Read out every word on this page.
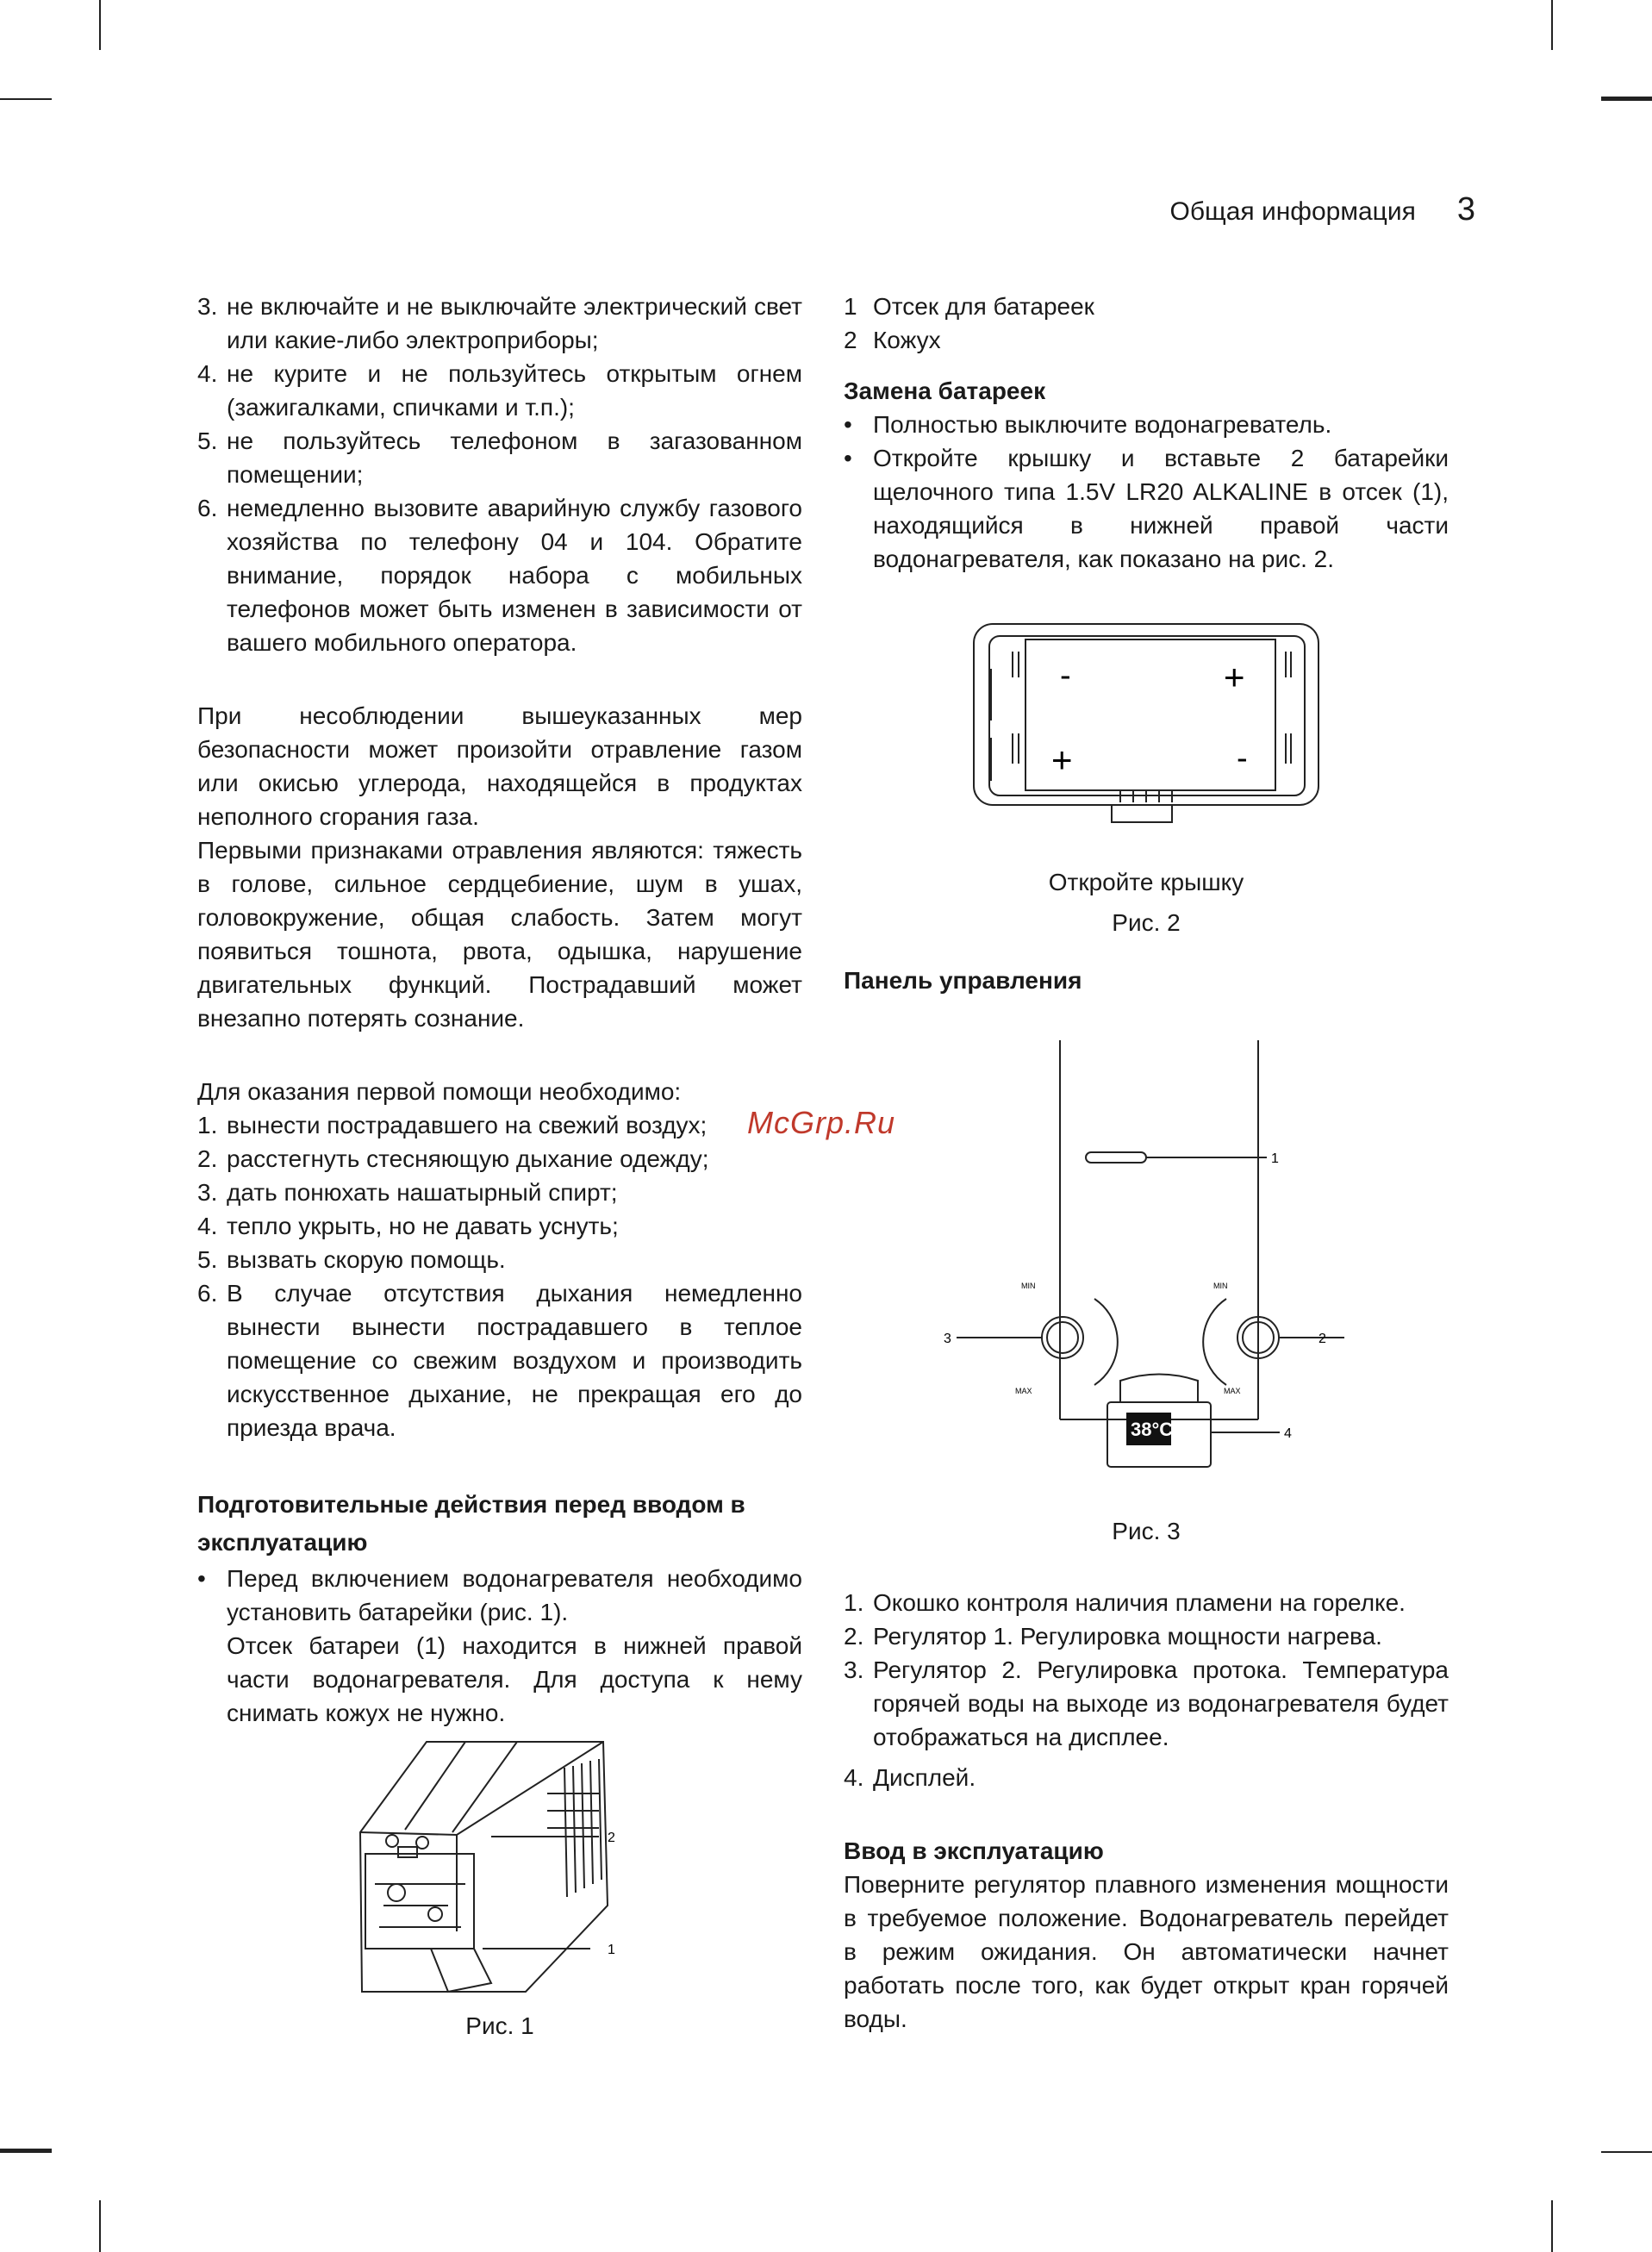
Общая информация 3
3. не включайте и не выключайте электрический свет или какие-либо электроприборы;
4. не курите и не пользуйтесь открытым огнем (зажигалками, спичками и т.п.);
5. не пользуйтесь телефоном в загазованном помещении;
6. немедленно вызовите аварийную службу газового хозяйства по телефону 04 и 104. Обратите внимание, порядок набора с мобильных телефонов может быть изменен в зависимости от вашего мобильного оператора.

При несоблюдении вышеуказанных мер безопасности может произойти отравление газом или окисью углерода, находящейся в продуктах неполного сгорания газа.

Первыми признаками отравления являются: тяжесть в голове, сильное сердцебиение, шум в ушах, головокружение, общая слабость. Затем могут появиться тошнота, рвота, одышка, нарушение двигательных функций. Пострадавший может внезапно потерять сознание.

Для оказания первой помощи необходимо:

1. вынести пострадавшего на свежий воздух;
2. расстегнуть стесняющую дыхание одежду;
3. дать понюхать нашатырный спирт;
4. тепло укрыть, но не давать уснуть;
5. вызвать скорую помощь.
6. В случае отсутствия дыхания немедленно вынести вынести пострадавшего в теплое помещение со свежим воздухом и производить искусственное дыхание, не прекращая его до приезда врача.

Подготовительные действия перед вводом в эксплуатацию

• Перед включением водонагревателя необходимо установить батарейки (рис. 1).
Отсек батареи (1) находится в нижней правой части водонагревателя. Для доступа к нему снимать кожух не нужно.
2
1

Рис. 1

1 Отсек для батареек
2 Кожух

Замена батареек

• Полностью выключите водонагреватель.
• Откройте крышку и вставьте 2 батарейки щелочного типа 1.5V LR20 ALKALINE в отсек (1), находящийся в нижней правой части водонагревателя, как показано на рис. 2.
-	+
+	-

Откройте крышку

Рис. 2

Панель управления

38°C
MIN	MIN
MAX	MAX
1
2
3
4

Рис. 3

1. Окошко контроля наличия пламени на горелке.
2. Регулятор 1. Регулировка мощности нагрева.
3. Регулятор 2. Регулировка протока. Температура горячей воды на выходе из водонагревателя будет отображаться на дисплее.
4. Дисплей.

Ввод в эксплуатацию

Поверните регулятор плавного изменения мощности в требуемое положение. Водонагреватель перейдет в режим ожидания. Он автоматически начнет работать после того, как будет открыт кран горячей воды.

McGrp.Ru
